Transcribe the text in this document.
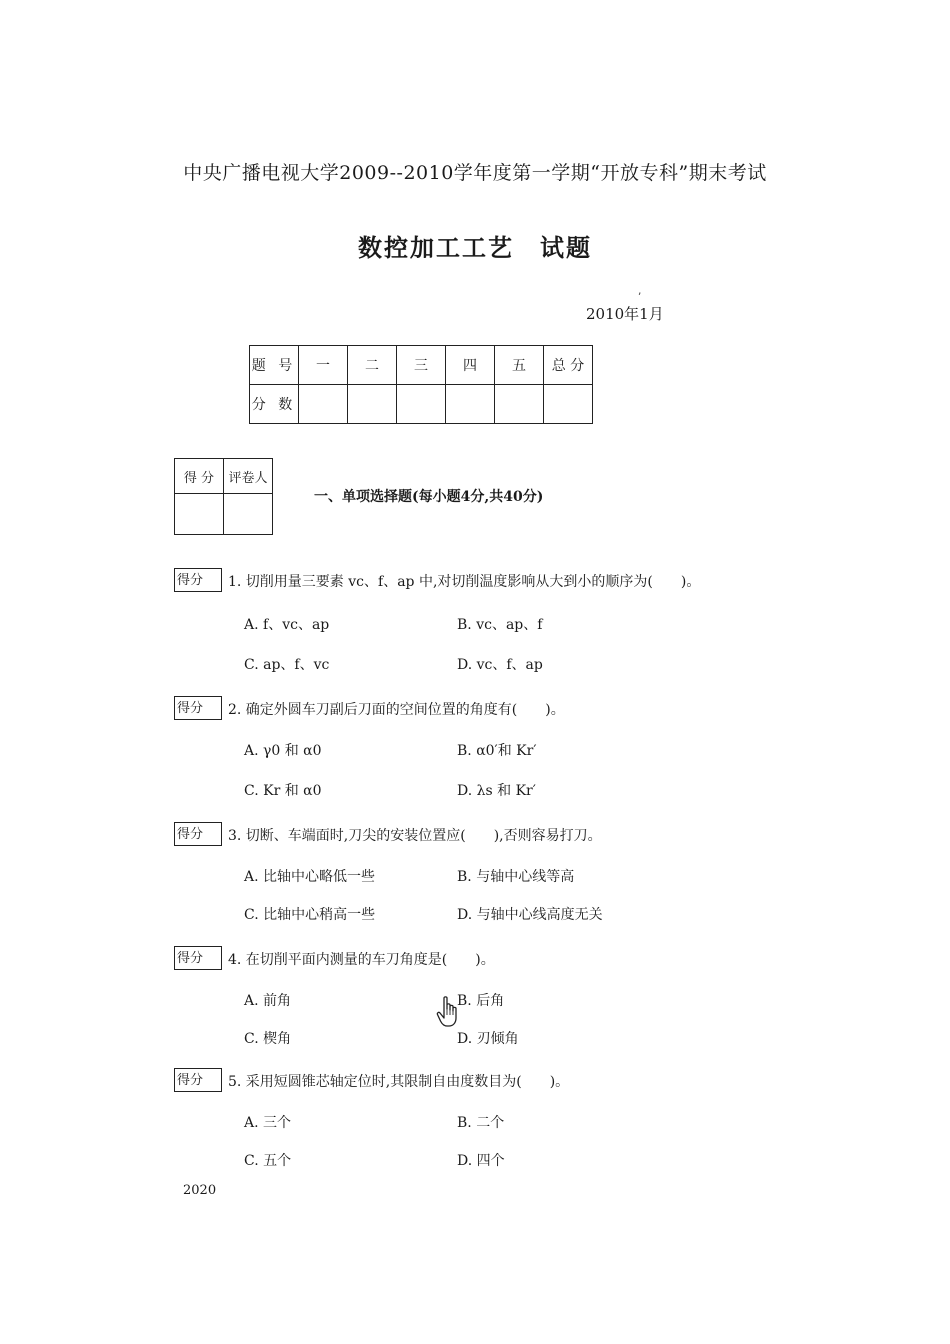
中央广播电视大学2009--2010学年度第一学期“开放专科”期末考试
数控加工工艺　试题
’
2010年1月
题 号	一	二	三	四	五	总 分
分 数						
得 分	评卷人

一、单项选择题(每小题4分,共40分)
得分	1. 切削用量三要素 vc、f、ap 中,对切削温度影响从大到小的顺序为(　　)。
A. f、vc、ap	B. vc、ap、f
C. ap、f、vc	D. vc、f、ap
得分	2. 确定外圆车刀副后刀面的空间位置的角度有(　　)。
A. γ0 和 α0	B. α0′和 Kr′
C. Kr 和 α0	D. λs 和 Kr′
得分	3. 切断、车端面时,刀尖的安装位置应(　　),否则容易打刀。
A. 比轴中心略低一些	B. 与轴中心线等高
C. 比轴中心稍高一些	D. 与轴中心线高度无关
得分	4. 在切削平面内测量的车刀角度是(　　)。
A. 前角	B. 后角
C. 楔角	D. 刃倾角
得分	5. 采用短圆锥芯轴定位时,其限制自由度数目为(　　)。
A. 三个	B. 二个
C. 五个	D. 四个
2020
